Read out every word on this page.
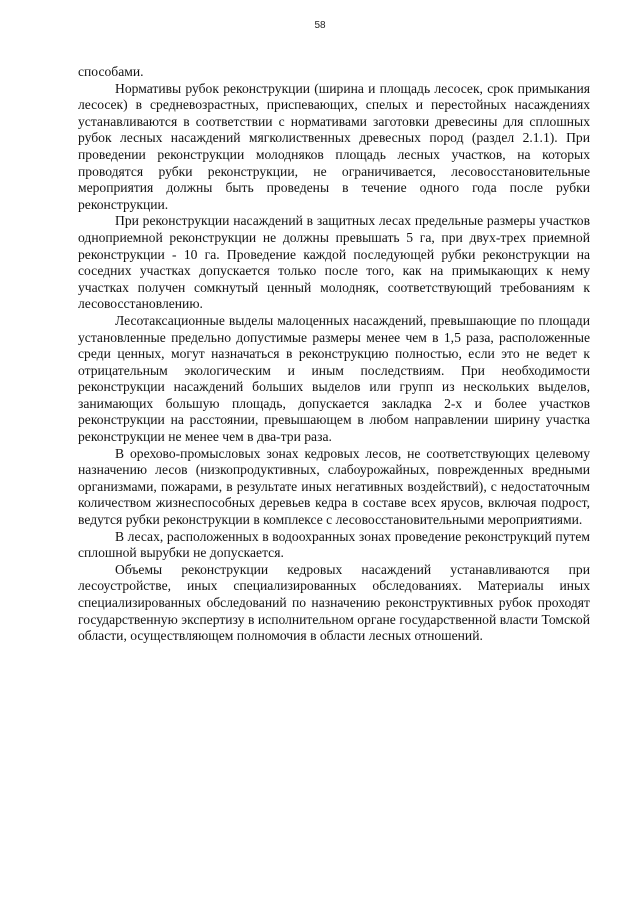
58

способами.

Нормативы рубок реконструкции (ширина и площадь лесосек, срок примыкания лесосек) в средневозрастных, приспевающих, спелых и перестойных насаждениях устанавливаются в соответствии с нормативами заготовки древесины для сплошных рубок лесных насаждений мягколиственных древесных пород (раздел 2.1.1). При проведении реконструкции молодняков площадь лесных участков, на которых проводятся рубки реконструкции, не ограничивается, лесовосстановительные мероприятия должны быть проведены в течение одного года после рубки реконструкции.

При реконструкции насаждений в защитных лесах предельные размеры участков одноприемной реконструкции не должны превышать 5 га, при двух-трех приемной реконструкции - 10 га. Проведение каждой последующей рубки реконструкции на соседних участках допускается только после того, как на примыкающих к нему участках получен сомкнутый ценный молодняк, соответствующий требованиям к лесовосстановлению.

Лесотаксационные выделы малоценных насаждений, превышающие по площади установленные предельно допустимые размеры менее чем в 1,5 раза, расположенные среди ценных, могут назначаться в реконструкцию полностью, если это не ведет к отрицательным экологическим и иным последствиям. При необходимости реконструкции насаждений больших выделов или групп из нескольких выделов, занимающих большую площадь, допускается закладка 2-х и более участков реконструкции на расстоянии, превышающем в любом направлении ширину участка реконструкции не менее чем в два-три раза.

В орехово-промысловых зонах кедровых лесов, не соответствующих целевому назначению лесов (низкопродуктивных, слабоурожайных, поврежденных вредными организмами, пожарами, в результате иных негативных воздействий), с недостаточным количеством жизнеспособных деревьев кедра в составе всех ярусов, включая подрост, ведутся рубки реконструкции в комплексе с лесовосстановительными мероприятиями.

В лесах, расположенных в водоохранных зонах проведение реконструкций путем сплошной вырубки не допускается.

Объемы реконструкции кедровых насаждений устанавливаются при лесоустройстве, иных специализированных обследованиях. Материалы иных специализированных обследований по назначению реконструктивных рубок проходят государственную экспертизу в исполнительном органе государственной власти Томской области, осуществляющем полномочия в области лесных отношений.
